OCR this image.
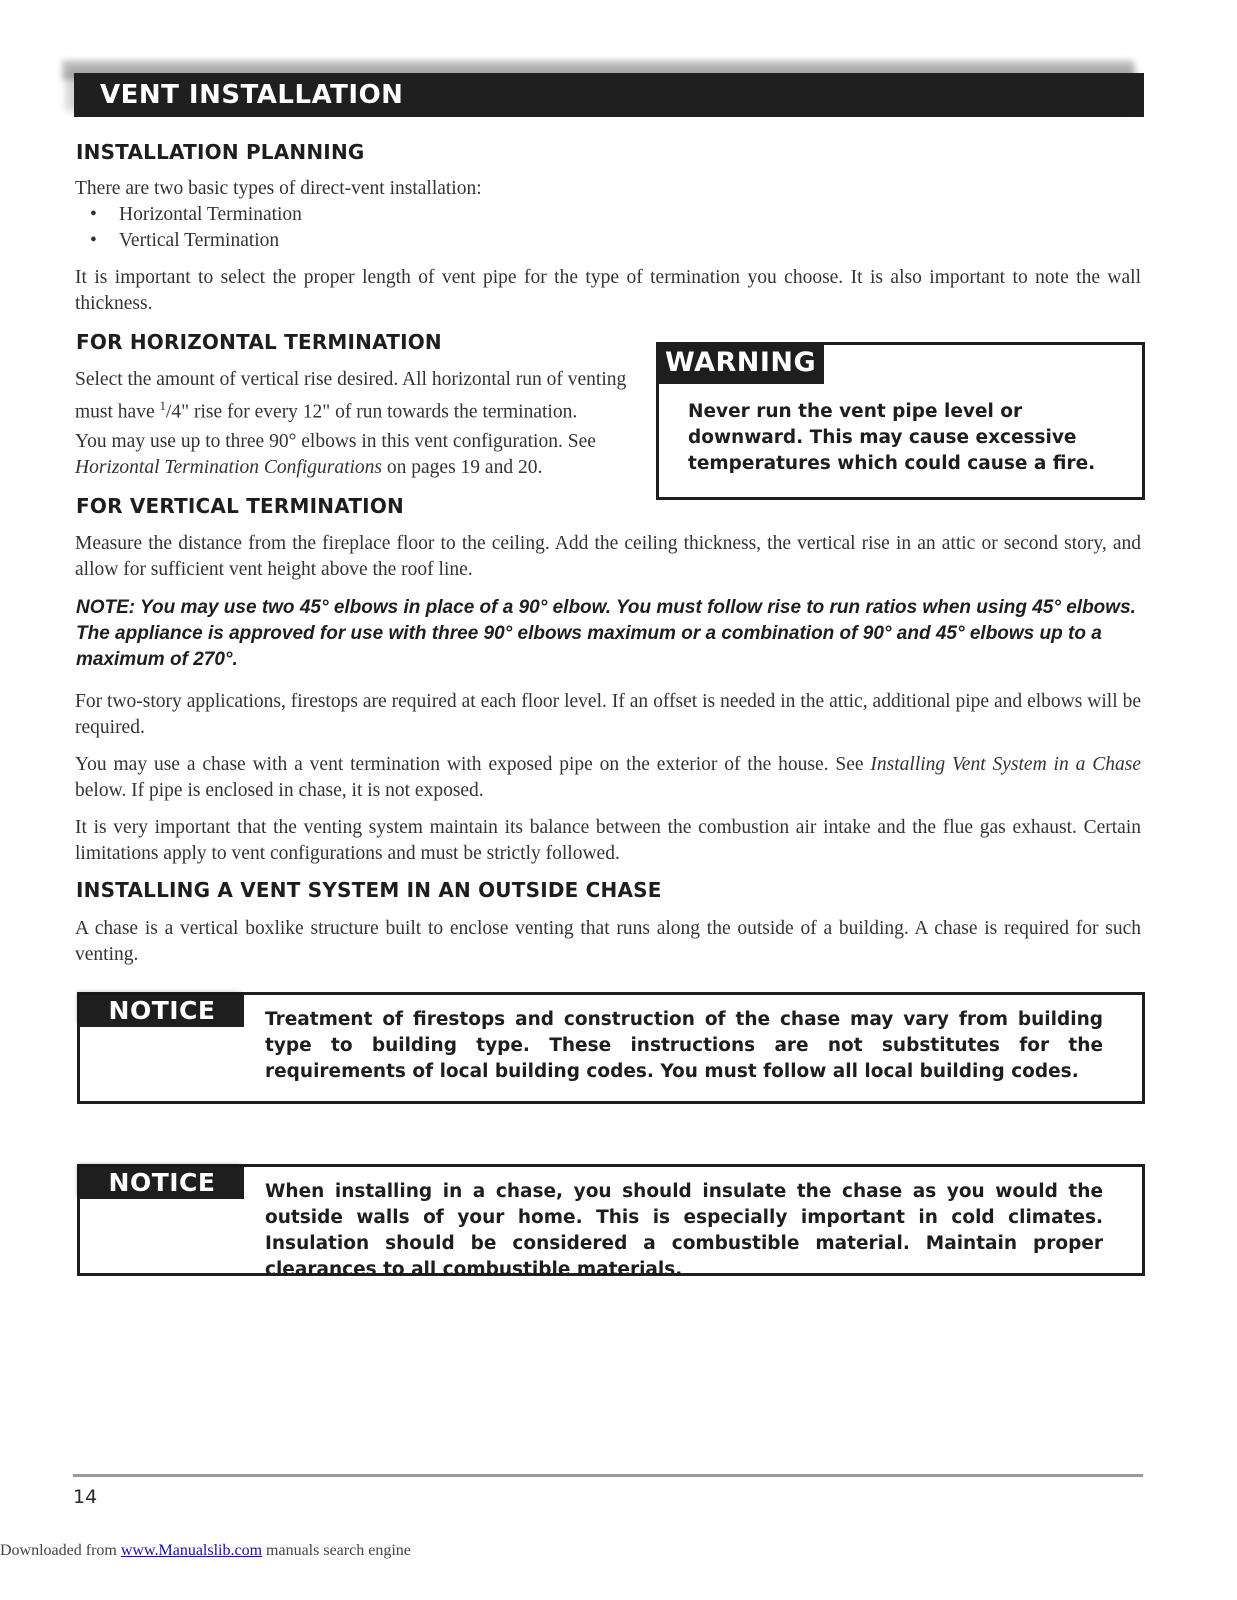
VENT INSTALLATION
INSTALLATION PLANNING

There are two basic types of direct-vent installation:

• Horizontal Termination
• Vertical Termination

It is important to select the proper length of vent pipe for the type of termination you choose. It is also important to note the wall thickness.

FOR HORIZONTAL TERMINATION

Select the amount of vertical rise desired. All horizontal run of venting must have $^1$/4" rise for every 12" of run towards the termination.

You may use up to three 90° elbows in this vent configuration. See Horizontal Termination Configurations on pages 19 and 20.

WARNING
Never run the vent pipe level or downward. This may cause excessive temperatures which could cause a fire.
FOR VERTICAL TERMINATION

Measure the distance from the fireplace floor to the ceiling. Add the ceiling thickness, the vertical rise in an attic or second story, and allow for sufficient vent height above the roof line.

NOTE: You may use two 45° elbows in place of a 90° elbow. You must follow rise to run ratios when using 45° elbows. The appliance is approved for use with three 90° elbows maximum or a combination of 90° and 45° elbows up to a maximum of 270°.

For two-story applications, firestops are required at each floor level. If an offset is needed in the attic, additional pipe and elbows will be required.

You may use a chase with a vent termination with exposed pipe on the exterior of the house. See Installing Vent System in a Chase below. If pipe is enclosed in chase, it is not exposed.

It is very important that the venting system maintain its balance between the combustion air intake and the flue gas exhaust. Certain limitations apply to vent configurations and must be strictly followed.

INSTALLING A VENT SYSTEM IN AN OUTSIDE CHASE

A chase is a vertical boxlike structure built to enclose venting that runs along the outside of a building. A chase is required for such venting.

NOTICE	Treatment of firestops and construction of the chase may vary from building type to building type. These instructions are not substitutes for the requirements of local building codes. You must follow all local building codes.
NOTICE	When installing in a chase, you should insulate the chase as you would the outside walls of your home. This is especially important in cold climates. Insulation should be considered a combustible material. Maintain proper clearances to all combustible materials.
14
Downloaded from www.Manualslib.com manuals search engine
